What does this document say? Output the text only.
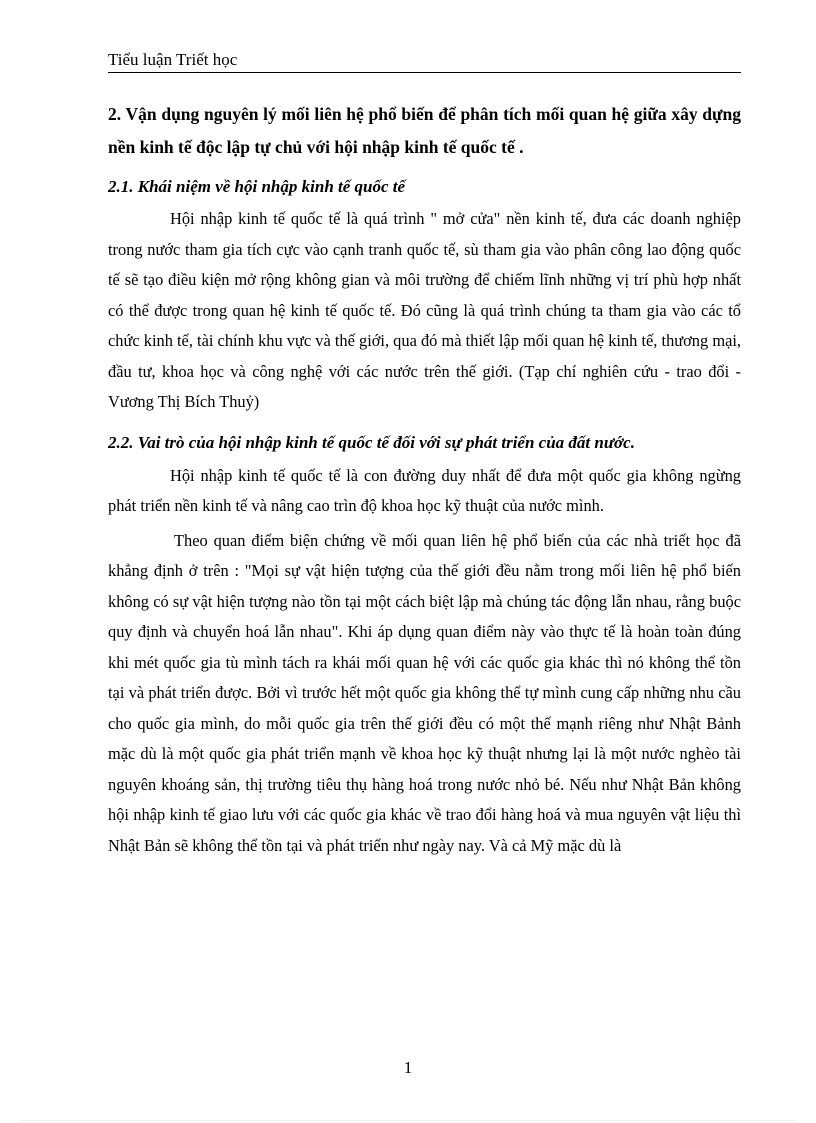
Tiểu luận Triết học

2. Vận dụng nguyên lý mối liên hệ phổ biến để phân tích mối quan hệ giữa xây dựng nền kinh tế độc lập tự chủ với hội nhập kinh tế quốc tế .

2.1. Khái niệm về hội nhập kinh tế quốc tế

Hội nhập kinh tế quốc tế là quá trình " mở cửa" nền kinh tế, đưa các doanh nghiệp trong nước tham gia tích cực vào cạnh tranh quốc tế, sù tham gia vào phân công lao động quốc tế sẽ tạo điều kiện mở rộng không gian và môi trường để chiếm lĩnh những vị trí phù hợp nhất có thể được trong quan hệ kinh tế quốc tế. Đó cũng là quá trình chúng ta tham gia vào các tổ chức kinh tế, tài chính khu vực và thế giới, qua đó mà thiết lập mối quan hệ kinh tế, thương mại, đầu tư, khoa học và công nghệ với các nước trên thế giới. (Tạp chí nghiên cứu - trao đổi - Vương Thị Bích Thuỷ)

2.2. Vai trò của hội nhập kinh tế quốc tế đối với sự phát triển của đất nước.

Hội nhập kinh tế quốc tế là con đường duy nhất để đưa một quốc gia không ngừng phát triển nền kinh tế và nâng cao trìn độ khoa học kỹ thuật của nước mình.

Theo quan điểm biện chứng về mối quan liên hệ phổ biến của các nhà triết học đã khẳng định ở trên : "Mọi sự vật hiện tượng của thế giới đều nằm trong mối liên hệ phổ biến không có sự vật hiện tượng nào tồn tại một cách biệt lập mà chúng tác động lẫn nhau, rằng buộc quy định và chuyển hoá lẫn nhau". Khi áp dụng quan điểm này vào thực tế là hoàn toàn đúng khi mét quốc gia tù mình tách ra khái mối quan hệ với các quốc gia khác thì nó không thể tồn tại và phát triển được. Bởi vì trước hết một quốc gia không thể tự mình cung cấp những nhu cầu cho quốc gia mình, do mỗi quốc gia trên thế giới đều có một thế mạnh riêng như Nhật Bảnh mặc dù là một quốc gia phát triển mạnh về khoa học kỹ thuật nhưng lại là một nước nghèo tài nguyên khoáng sản, thị trường tiêu thụ hàng hoá trong nước nhỏ bé. Nếu như Nhật Bản không hội nhập kinh tế giao lưu với các quốc gia khác về trao đổi hàng hoá và mua nguyên vật liệu thì Nhật Bản sẽ không thể tồn tại và phát triển như ngày nay. Và cả Mỹ mặc dù là

1
